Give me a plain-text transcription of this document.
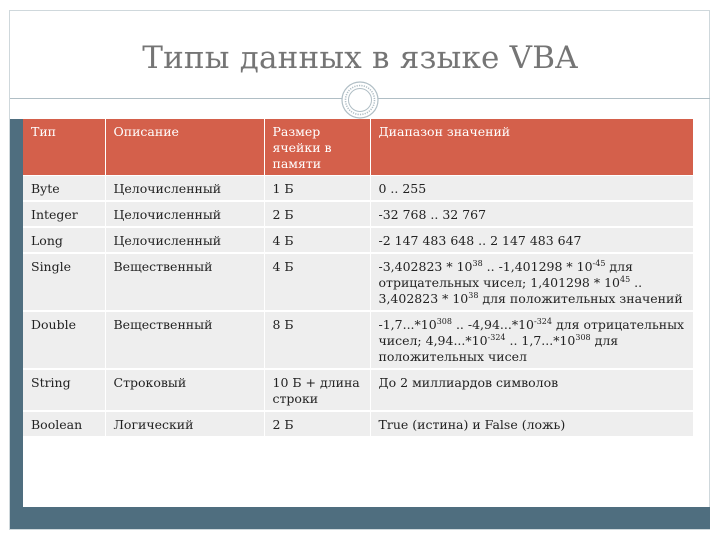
Типы данных в языке VBA
Тип	Описание	Размер ячейки в памяти	Диапазон значений
Byte	Целочисленный	1 Б	0 .. 255
Integer	Целочисленный	2 Б	-32 768 .. 32 767
Long	Целочисленный	4 Б	-2 147 483 648 .. 2 147 483 647
Single	Вещественный	4 Б	$-3,402823 * 10^{38}$ .. $-1,401298 * 10^{-45}$ для отрицательных чисел; $1,401298 * 10^{45}$ .. $3,402823 * 10^{38}$ для положительных значений
Double	Вещественный	8 Б	$-1,7...*10^{308}$ .. $-4,94...*10^{-324}$ для отрицательных чисел; $4,94...*10^{-324}$ .. $1,7...*10^{308}$ для положительных чисел
String	Строковый	10 Б + длина строки	До 2 миллиардов символов
Boolean	Логический	2 Б	True (истина) и False (ложь)
